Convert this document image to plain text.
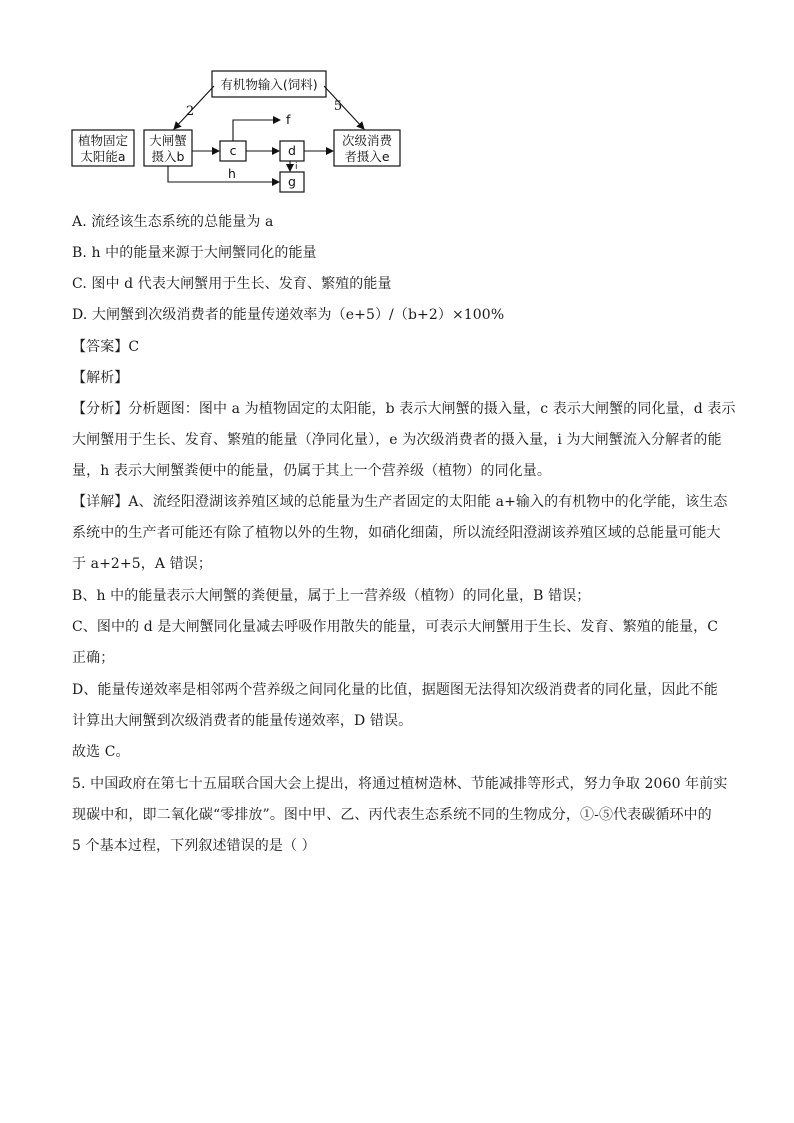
有机物输入(饲料)
植物固定
太阳能a
大闸蟹
摄入b	c	d
g
次级消费
者摄入e
2	5
f
i
h
A. 流经该生态系统的总能量为 a
B. h 中的能量来源于大闸蟹同化的能量
C. 图中 d 代表大闸蟹用于生长、发育、繁殖的能量
D. 大闸蟹到次级消费者的能量传递效率为（e+5）/（b+2）×100%
【答案】C
【解析】
【分析】分析题图：图中 a 为植物固定的太阳能，b 表示大闸蟹的摄入量，c 表示大闸蟹的同化量，d 表示
大闸蟹用于生长、发育、繁殖的能量（净同化量），e 为次级消费者的摄入量，i 为大闸蟹流入分解者的能
量，h 表示大闸蟹粪便中的能量，仍属于其上一个营养级（植物）的同化量。
【详解】A、流经阳澄湖该养殖区域的总能量为生产者固定的太阳能 a+输入的有机物中的化学能，该生态
系统中的生产者可能还有除了植物以外的生物，如硝化细菌，所以流经阳澄湖该养殖区域的总能量可能大
于 a+2+5，A 错误；
B、h 中的能量表示大闸蟹的粪便量，属于上一营养级（植物）的同化量，B 错误；
C、图中的 d 是大闸蟹同化量减去呼吸作用散失的能量，可表示大闸蟹用于生长、发育、繁殖的能量，C
正确；
D、能量传递效率是相邻两个营养级之间同化量的比值，据题图无法得知次级消费者的同化量，因此不能
计算出大闸蟹到次级消费者的能量传递效率，D 错误。
故选 C。
5. 中国政府在第七十五届联合国大会上提出，将通过植树造林、节能减排等形式，努力争取 2060 年前实
现碳中和，即二氧化碳“零排放”。图中甲、乙、丙代表生态系统不同的生物成分，①-⑤代表碳循环中的
5 个基本过程，下列叙述错误的是（ ）
